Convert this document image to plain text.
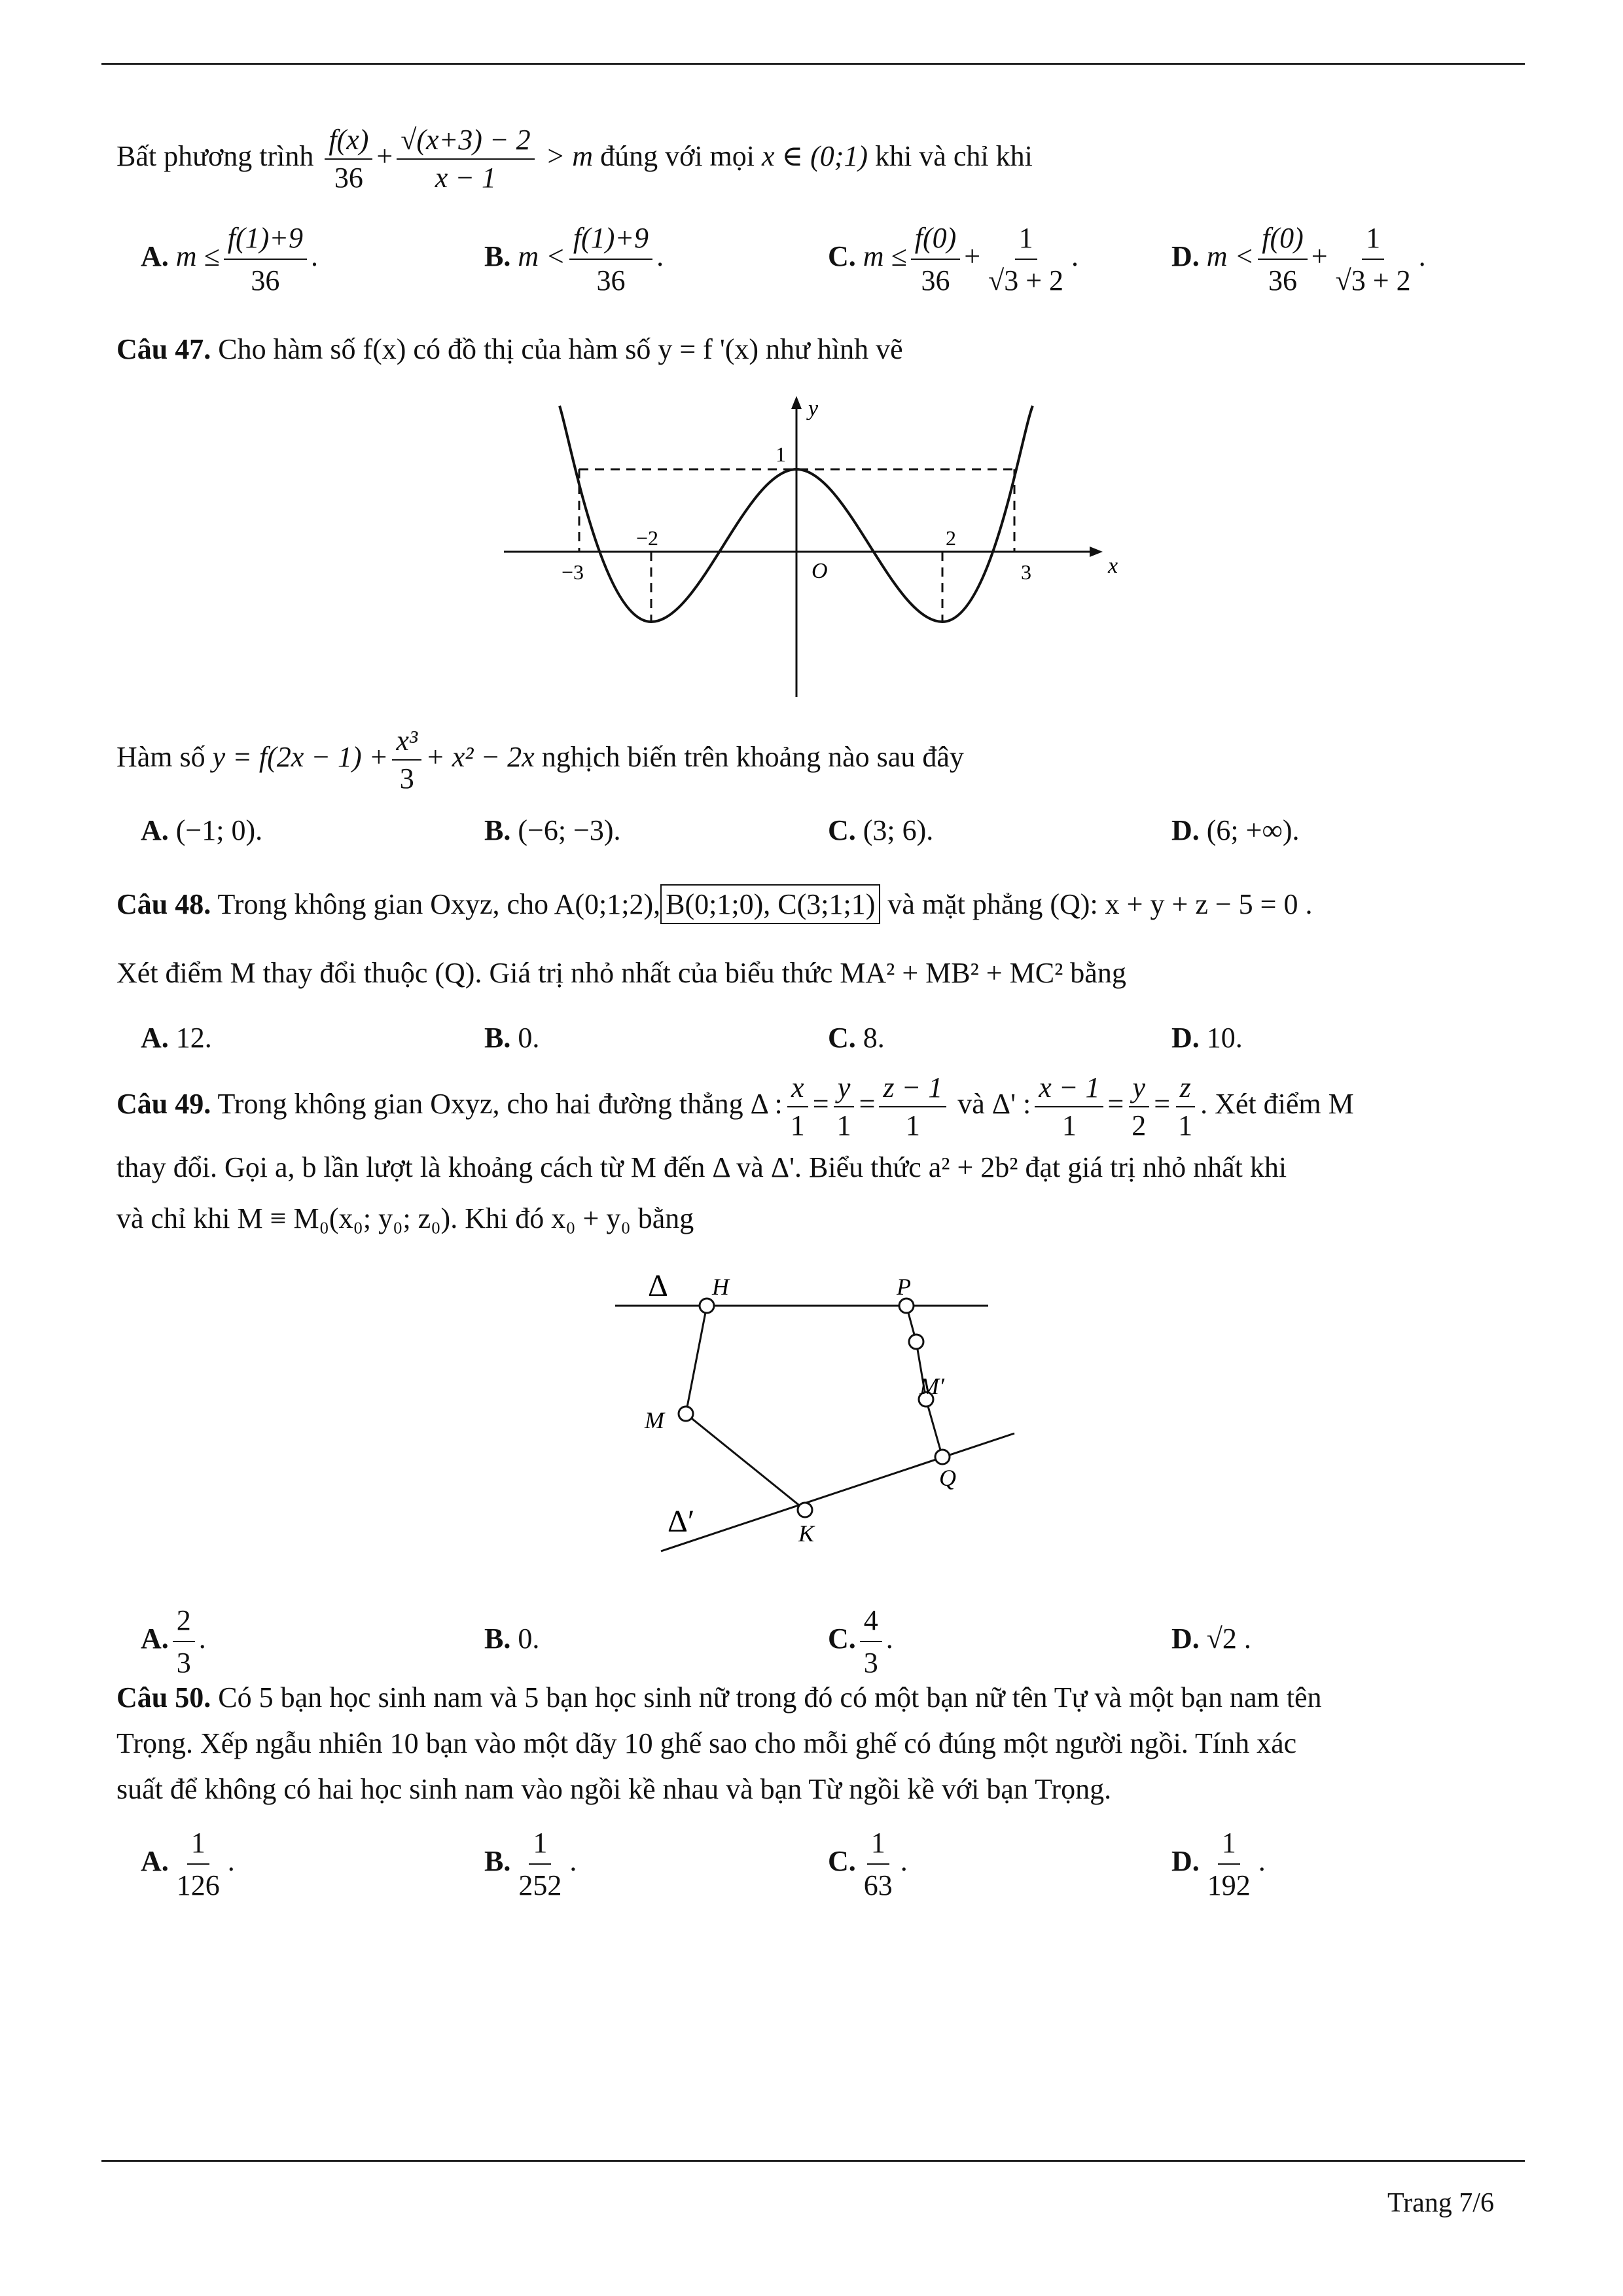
Bất phương trình $\frac{f(x)}{36} + \frac{√(x+3) - 2}{x - 1} > m$ đúng với mọi x ∈ (0;1) khi và chỉ khi
A. $m \le \frac{f(1)+9}{36}$ .	B. $m < \frac{f(1)+9}{36}$ .	C. $m \le \frac{f(0)}{36} + \frac{1}{√3 + 2}$ .	D. $m < \frac{f(0)}{36} + \frac{1}{√3 + 2}$ .
Câu 47. Cho hàm số f(x) có đồ thị của hàm số y = f '(x) như hình vẽ
y
x
O
1
−3
−2	2
3
Hàm số $y = f(2x - 1) + \frac{\text{x³}}{3} + x^2 - 2x$ nghịch biến trên khoảng nào sau đây
A. (−1; 0).	B. (−6; −3).	C. (3; 6).	D. (6; +∞).
Câu 48. Trong không gian Oxyz, cho A(0;1;2), B(0;1;0), C(3;1;1) và mặt phẳng (Q): x + y + z − 5 = 0 .
Xét điểm M thay đổi thuộc (Q). Giá trị nhỏ nhất của biểu thức MA² + MB² + MC² bằng
A. 12.	B. 0.	C. 8.	D. 10.
Câu 49. Trong không gian Oxyz, cho hai đường thẳng Δ : $\frac{x}{1} = \frac{y}{1} = \frac{z - 1}{1}$ và Δ' : $\frac{x - 1}{1} = \frac{y}{2} = \frac{z}{1}$ . Xét điểm M
thay đổi. Gọi a, b lần lượt là khoảng cách từ M đến Δ và Δ'. Biểu thức a² + 2b² đạt giá trị nhỏ nhất khi
và chỉ khi M ≡ M₀(x₀; y₀; z₀). Khi đó x₀ + y₀ bằng
Δ H	P
M′
M
Q
K
Δ′
A. $\frac{2}{3}$ .	B. 0.	C. $\frac{4}{3}$ .	D. √2 .
Câu 50. Có 5 bạn học sinh nam và 5 bạn học sinh nữ trong đó có một bạn nữ tên Tự và một bạn nam tên
Trọng. Xếp ngẫu nhiên 10 bạn vào một dãy 10 ghế sao cho mỗi ghế có đúng một người ngồi. Tính xác
suất để không có hai học sinh nam vào ngồi kề nhau và bạn Từ ngồi kề với bạn Trọng.
A. $\frac{1}{126}$ .	B. $\frac{1}{252}$ .	C. $\frac{1}{63}$ .	D. $\frac{1}{192}$ .
Trang 7/6
